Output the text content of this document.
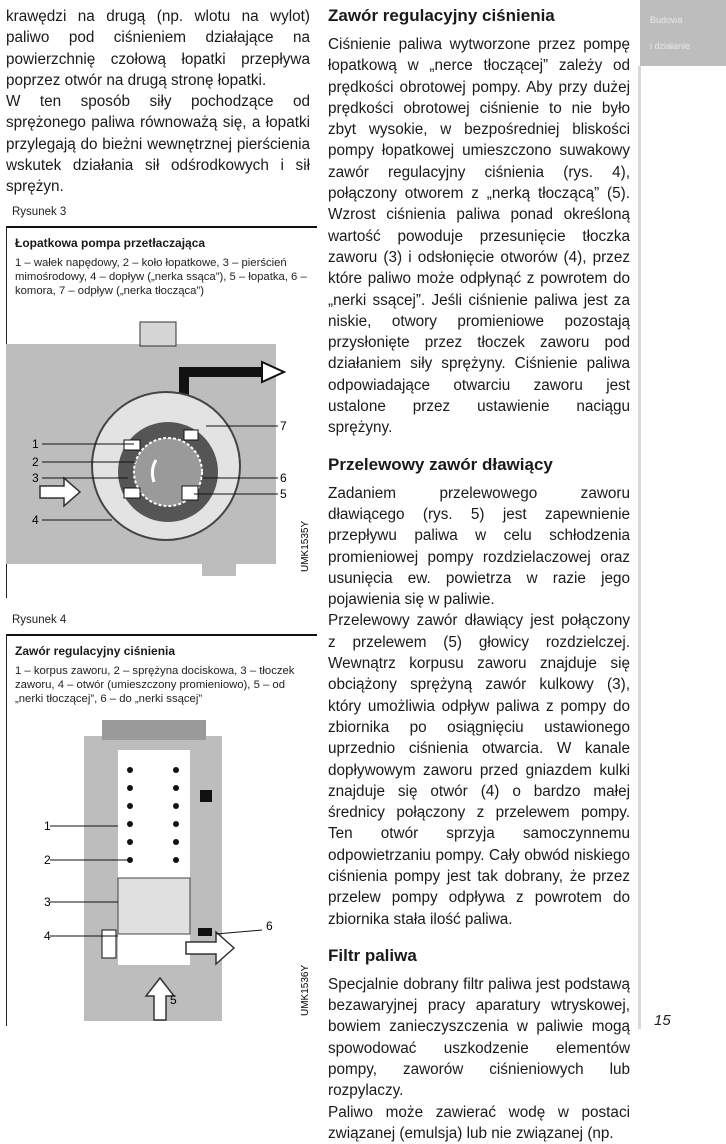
Budowa
i działanie

krawędzi na drugą (np. wlotu na wylot) paliwo pod ciśnieniem działające na powierzchnię czołową łopatki przepływa poprzez otwór na drugą stronę łopatki.

W ten sposób siły pochodzące od sprężonego paliwa równoważą się, a łopatki przylegają do bieżni wewnętrznej pierścienia wskutek działania sił odśrodkowych i sił sprężyn.

Rysunek 3
Łopatkowa pompa przetłaczająca
1 – wałek napędowy, 2 – koło łopatkowe, 3 – pierścień mimośrodowy, 4 – dopływ („nerka ssąca”), 5 – łopatka, 6 – komora, 7 – odpływ („nerka tłocząca”)
1
2
3
4
5
6
7
UMK1535Y
Rysunek 4
Zawór regulacyjny ciśnienia
1 – korpus zaworu, 2 – sprężyna dociskowa, 3 – tłoczek zaworu, 4 – otwór (umieszczony promieniowo), 5 – od „nerki tłoczącej”, 6 – do „nerki ssącej”
1
2
3
4
5
6
UMK1536Y
Zawór regulacyjny ciśnienia

Ciśnienie paliwa wytworzone przez pompę łopatkową w „nerce tłoczącej” zależy od prędkości obrotowej pompy. Aby przy dużej prędkości obrotowej ciśnienie to nie było zbyt wysokie, w bezpośredniej bliskości pompy łopatkowej umieszczono suwakowy zawór regulacyjny ciśnienia (rys. 4), połączony otworem z „nerką tłoczącą” (5). Wzrost ciśnienia paliwa ponad określoną wartość powoduje przesunięcie tłoczka zaworu (3) i odsłonięcie otworów (4), przez które paliwo może odpłynąć z powrotem do „nerki ssącej”. Jeśli ciśnienie paliwa jest za niskie, otwory promieniowe pozostają przysłonięte przez tłoczek zaworu pod działaniem siły sprężyny. Ciśnienie paliwa odpowiadające otwarciu zaworu jest ustalone przez ustawienie naciągu sprężyny.

Przelewowy zawór dławiący

Zadaniem przelewowego zaworu dławiącego (rys. 5) jest zapewnienie przepływu paliwa w celu schłodzenia promieniowej pompy rozdzielaczowej oraz usunięcia ew. powietrza w razie jego pojawienia się w paliwie.

Przelewowy zawór dławiący jest połączony z przelewem (5) głowicy rozdzielczej. Wewnątrz korpusu zaworu znajduje się obciążony sprężyną zawór kulkowy (3), który umożliwia odpływ paliwa z pompy do zbiornika po osiągnięciu ustawionego uprzednio ciśnienia otwarcia. W kanale dopływowym zaworu przed gniazdem kulki znajduje się otwór (4) o bardzo małej średnicy połączony z przelewem pompy. Ten otwór sprzyja samoczynnemu odpowietrzaniu pompy. Cały obwód niskiego ciśnienia pompy jest tak dobrany, że przez przelew pompy odpływa z powrotem do zbiornika stała ilość paliwa.

Filtr paliwa

Specjalnie dobrany filtr paliwa jest podstawą bezawaryjnej pracy aparatury wtryskowej, bowiem zanieczyszczenia w paliwie mogą spowodować uszkodzenie elementów pompy, zaworów ciśnieniowych lub rozpylaczy.

Paliwo może zawierać wodę w postaci związanej (emulsja) lub nie związanej (np.

15
